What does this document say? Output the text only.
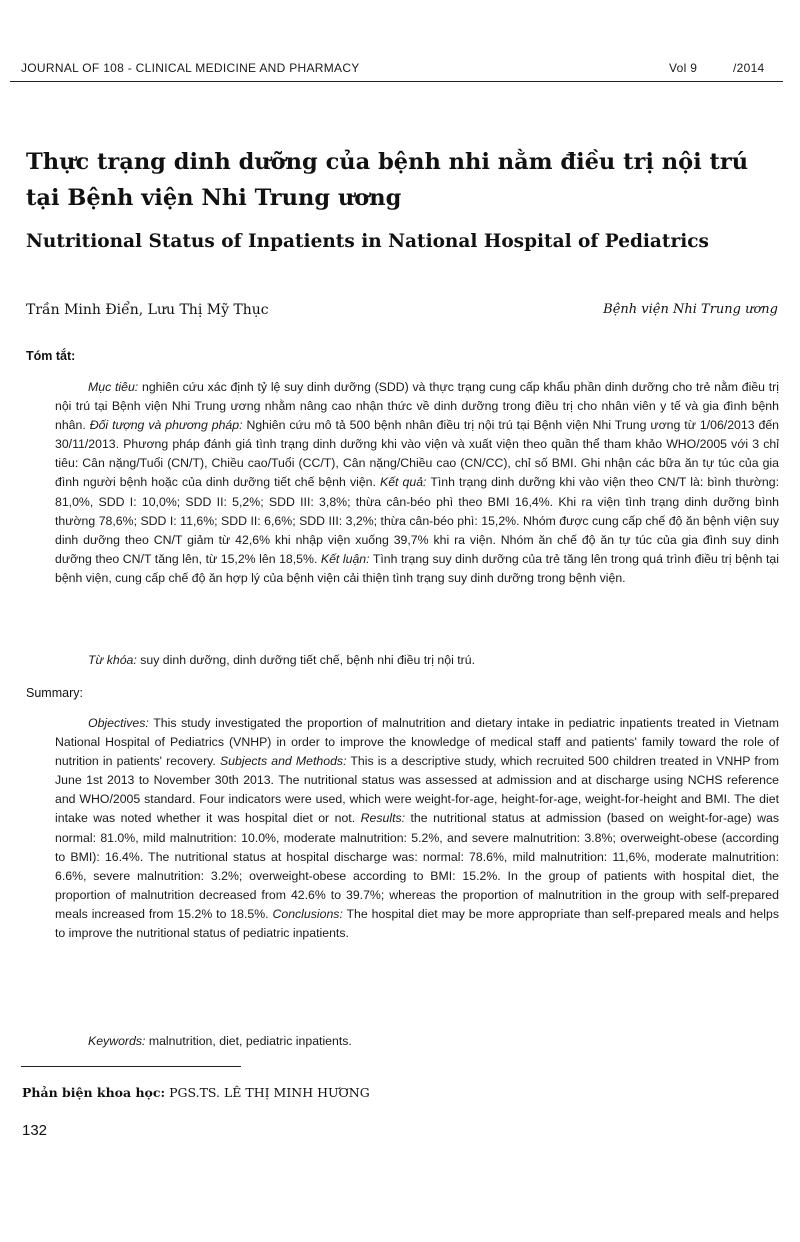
JOURNAL OF 108 - CLINICAL MEDICINE AND PHARMACY	Vol 9	/2014
Thực trạng dinh dưỡng của bệnh nhi nằm điều trị nội trú tại Bệnh viện Nhi Trung ương
Nutritional Status of Inpatients in National Hospital of Pediatrics
Trần Minh Điển, Lưu Thị Mỹ Thục	Bệnh viện Nhi Trung ương
Tóm tắt:

Mục tiêu: nghiên cứu xác định tỷ lệ suy dinh dưỡng (SDD) và thực trạng cung cấp khẩu phần dinh dưỡng cho trẻ nằm điều trị nội trú tại Bệnh viện Nhi Trung ương nhằm nâng cao nhận thức về dinh dưỡng trong điều trị cho nhân viên y tế và gia đình bệnh nhân. Đối tượng và phương pháp: Nghiên cứu mô tả 500 bệnh nhân điều trị nội trú tại Bệnh viện Nhi Trung ương từ 1/06/2013 đến 30/11/2013. Phương pháp đánh giá tình trạng dinh dưỡng khi vào viện và xuất viện theo quần thể tham khảo WHO/2005 với 3 chỉ tiêu: Cân nặng/Tuổi (CN/T), Chiều cao/Tuổi (CC/T), Cân nặng/Chiều cao (CN/CC), chỉ số BMI. Ghi nhận các bữa ăn tự túc của gia đình người bệnh hoặc của dinh dưỡng tiết chế bệnh viện. Kết quả: Tình trạng dinh dưỡng khi vào viện theo CN/T là: bình thường: 81,0%, SDD I: 10,0%; SDD II: 5,2%; SDD III: 3,8%; thừa cân-béo phì theo BMI 16,4%. Khi ra viện tình trạng dinh dưỡng bình thường 78,6%; SDD I: 11,6%; SDD II: 6,6%; SDD III: 3,2%; thừa cân-béo phì: 15,2%. Nhóm được cung cấp chế độ ăn bệnh viện suy dinh dưỡng theo CN/T giảm từ 42,6% khi nhập viện xuống 39,7% khi ra viện. Nhóm ăn chế độ ăn tự túc của gia đình suy dinh dưỡng theo CN/T tăng lên, từ 15,2% lên 18,5%. Kết luận: Tình trạng suy dinh dưỡng của trẻ tăng lên trong quá trình điều trị bệnh tại bệnh viện, cung cấp chế độ ăn hợp lý của bệnh viện cải thiện tình trạng suy dinh dưỡng trong bệnh viện.

Từ khóa: suy dinh dưỡng, dinh dưỡng tiết chế, bệnh nhi điều trị nội trú.

Summary:

Objectives: This study investigated the proportion of malnutrition and dietary intake in pediatric inpatients treated in Vietnam National Hospital of Pediatrics (VNHP) in order to improve the knowledge of medical staff and patients' family toward the role of nutrition in patients' recovery. Subjects and Methods: This is a descriptive study, which recruited 500 children treated in VNHP from June 1st 2013 to November 30th 2013. The nutritional status was assessed at admission and at discharge using NCHS reference and WHO/2005 standard. Four indicators were used, which were weight-for-age, height-for-age, weight-for-height and BMI. The diet intake was noted whether it was hospital diet or not. Results: the nutritional status at admission (based on weight-for-age) was normal: 81.0%, mild malnutrition: 10.0%, moderate malnutrition: 5.2%, and severe malnutrition: 3.8%; overweight-obese (according to BMI): 16.4%. The nutritional status at hospital discharge was: normal: 78.6%, mild malnutrition: 11,6%, moderate malnutrition: 6.6%, severe malnutrition: 3.2%; overweight-obese according to BMI: 15.2%. In the group of patients with hospital diet, the proportion of malnutrition decreased from 42.6% to 39.7%; whereas the proportion of malnutrition in the group with self-prepared meals increased from 15.2% to 18.5%. Conclusions: The hospital diet may be more appropriate than self-prepared meals and helps to improve the nutritional status of pediatric inpatients.

Keywords: malnutrition, diet, pediatric inpatients.

Phản biện khoa học: PGS.TS. LÊ THỊ MINH HƯƠNG
132
